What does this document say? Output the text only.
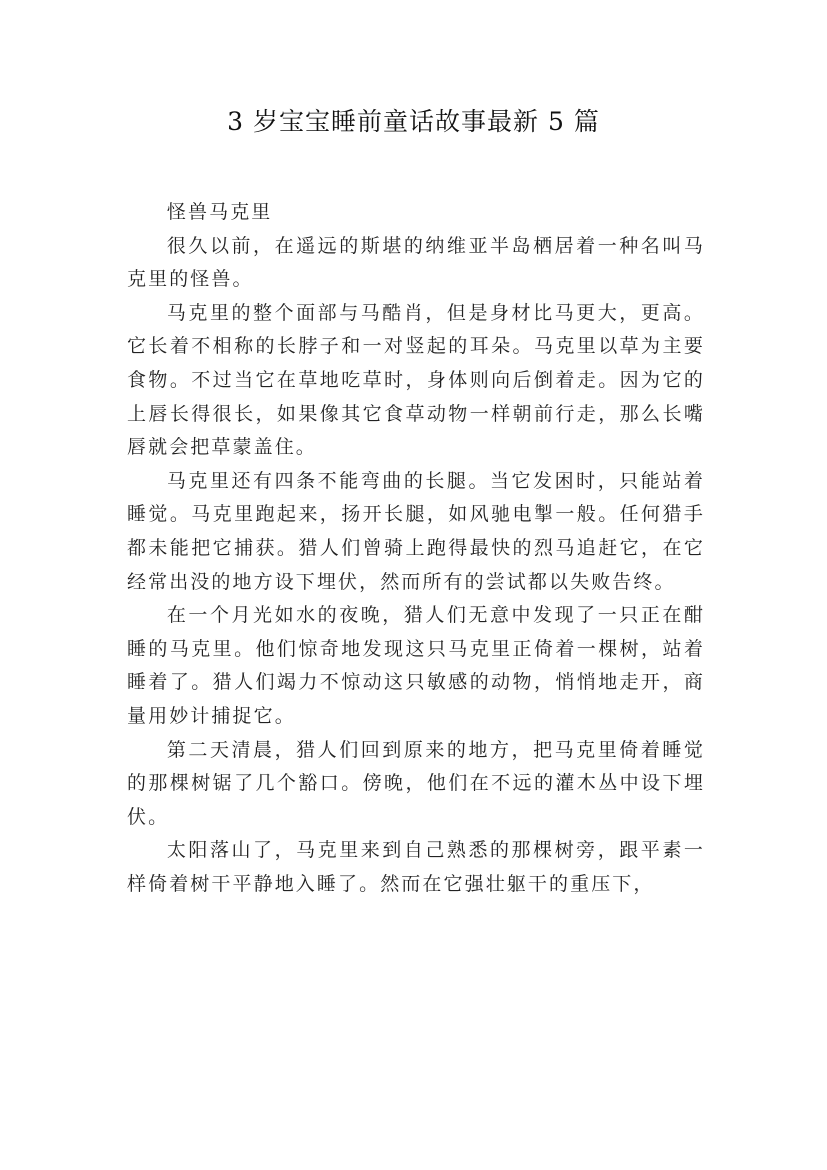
3 岁宝宝睡前童话故事最新 5 篇

怪兽马克里

很久以前，在遥远的斯堪的纳维亚半岛栖居着一种名叫马克里的怪兽。

马克里的整个面部与马酷肖，但是身材比马更大，更高。它长着不相称的长脖子和一对竖起的耳朵。马克里以草为主要食物。不过当它在草地吃草时，身体则向后倒着走。因为它的上唇长得很长，如果像其它食草动物一样朝前行走，那么长嘴唇就会把草蒙盖住。

马克里还有四条不能弯曲的长腿。当它发困时，只能站着睡觉。马克里跑起来，扬开长腿，如风驰电掣一般。任何猎手都未能把它捕获。猎人们曾骑上跑得最快的烈马追赶它，在它经常出没的地方设下埋伏，然而所有的尝试都以失败告终。

在一个月光如水的夜晚，猎人们无意中发现了一只正在酣睡的马克里。他们惊奇地发现这只马克里正倚着一棵树，站着睡着了。猎人们竭力不惊动这只敏感的动物，悄悄地走开，商量用妙计捕捉它。

第二天清晨，猎人们回到原来的地方，把马克里倚着睡觉的那棵树锯了几个豁口。傍晚，他们在不远的灌木丛中设下埋伏。

太阳落山了，马克里来到自己熟悉的那棵树旁，跟平素一样倚着树干平静地入睡了。然而在它强壮躯干的重压下，
